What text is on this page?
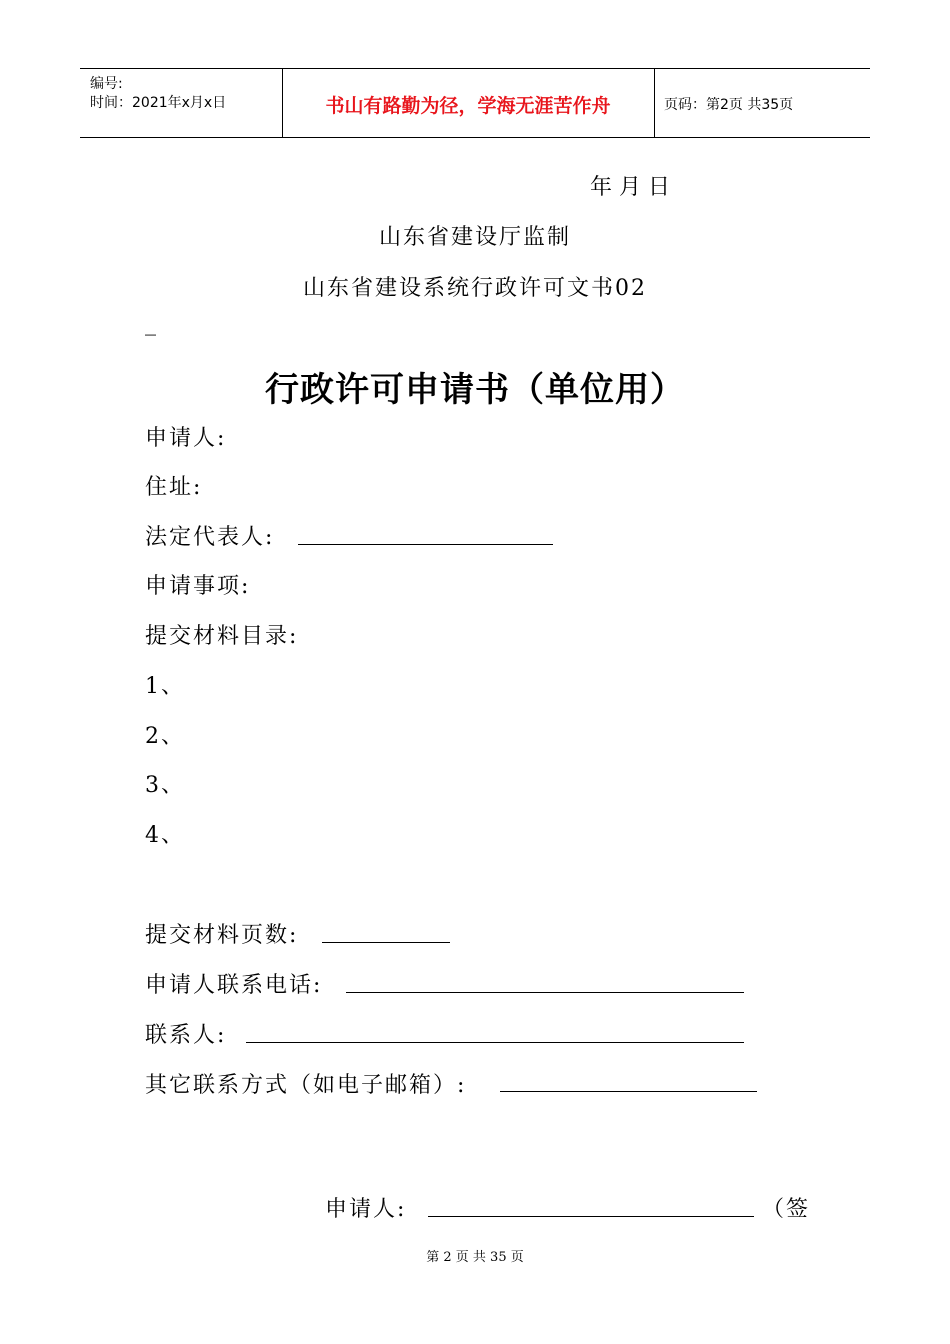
编号:
时间：2021年x月x日	书山有路勤为径，学海无涯苦作舟	页码：第2页 共35页
年 月 日
山东省建设厅监制
山东省建设系统行政许可文书02
_
行政许可申请书（单位用）
申请人:
住址:
法定代表人:
申请事项:
提交材料目录:
1、
2、
3、
4、
提交材料页数:
申请人联系电话:
联系人:
其它联系方式（如电子邮箱）:
申请人:	（签
第 2 页 共 35 页
